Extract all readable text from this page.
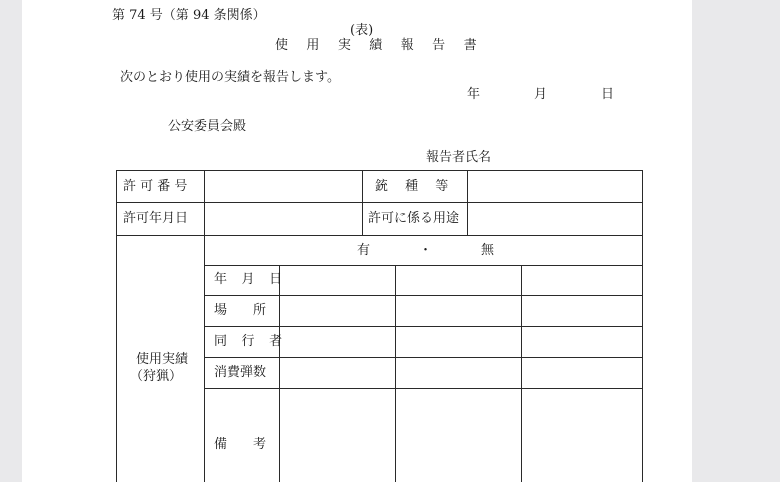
第 74 号（第 94 条関係）
(表)
使 用 実 績 報 告 書
次のとおり使用の実績を報告します。
年	月	日
公安委員会殿
報告者氏名
許 可 番 号	銃　 種　 等
許可年月日	許可に係る用途
有	・	無
使用実績
（狩猟）
年 月 日
場　　所
同 行 者
消費弾数
備　　考
